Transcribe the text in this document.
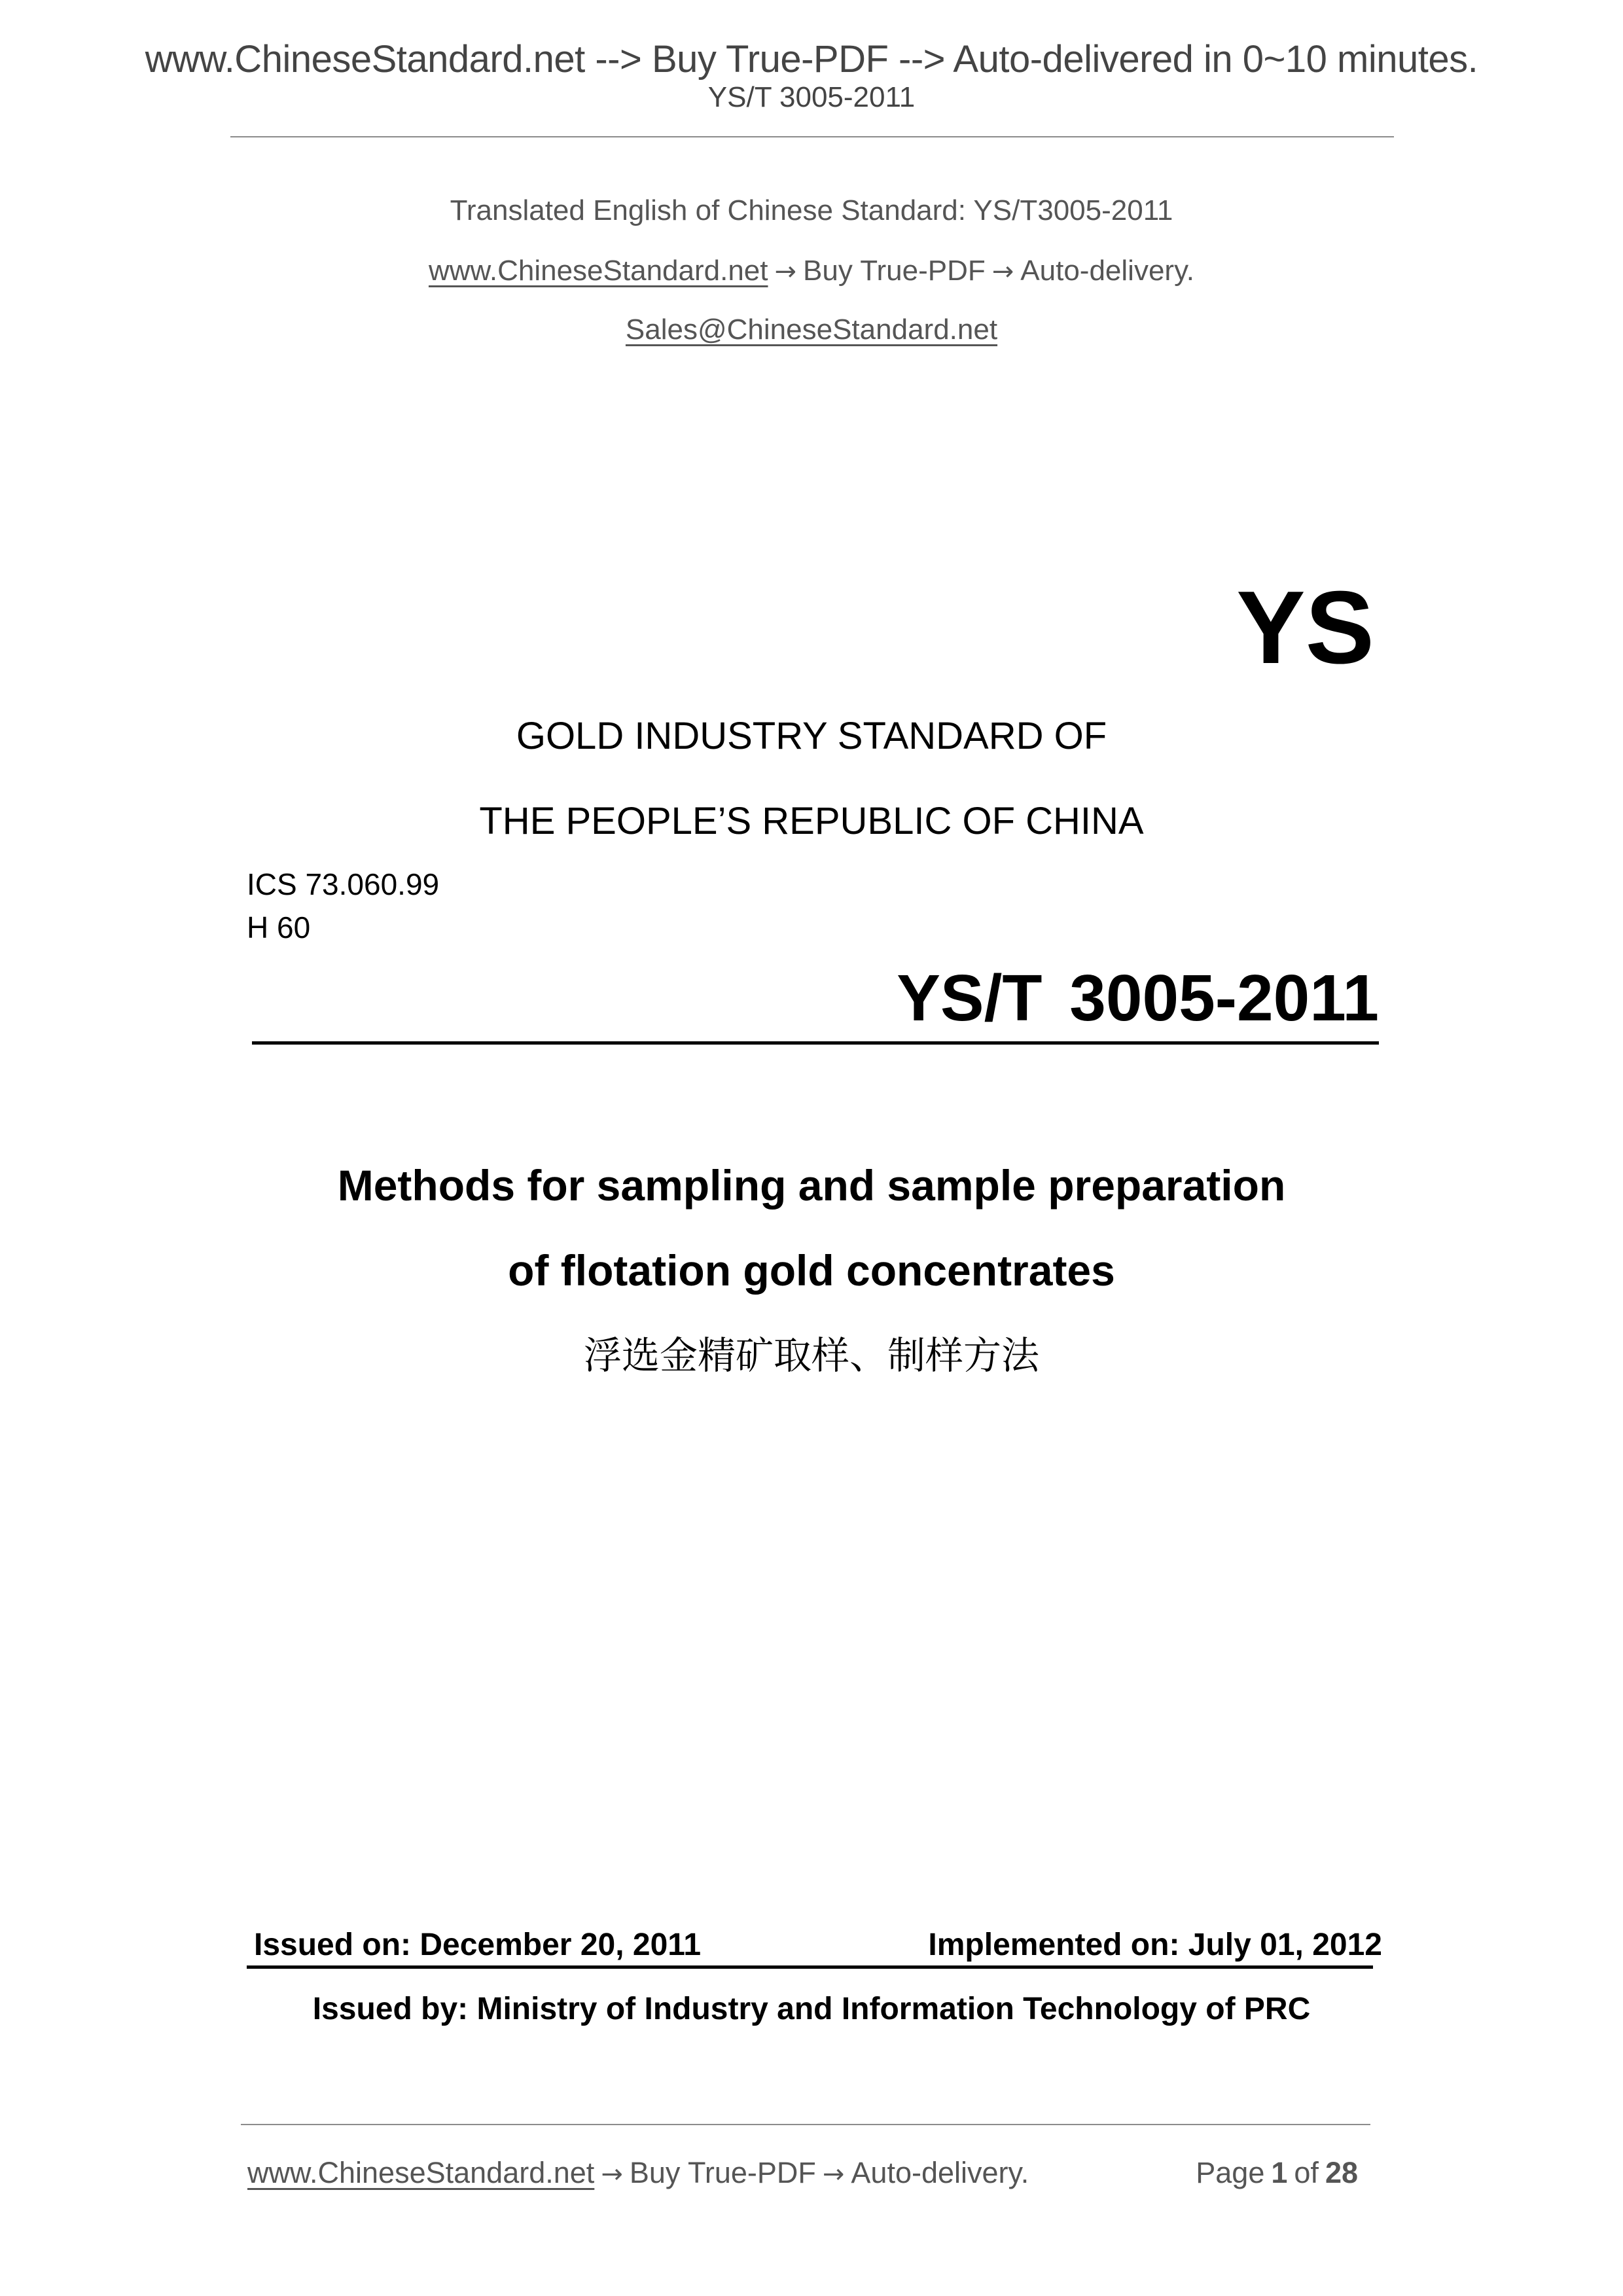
www.ChineseStandard.net --> Buy True-PDF --> Auto-delivered in 0~10 minutes.
YS/T 3005-2011
Translated English of Chinese Standard: YS/T3005-2011
www.ChineseStandard.net → Buy True-PDF → Auto-delivery.
Sales@ChineseStandard.net
YS
GOLD INDUSTRY STANDARD OF
THE PEOPLE’S REPUBLIC OF CHINA
ICS 73.060.99
H 60
YS/T 3005-2011
Methods for sampling and sample preparation
of flotation gold concentrates
浮选金精矿取样、制样方法
Issued on: December 20, 2011	Implemented on: July 01, 2012
Issued by: Ministry of Industry and Information Technology of PRC
www.ChineseStandard.net → Buy True-PDF → Auto-delivery.	Page 1 of 28
